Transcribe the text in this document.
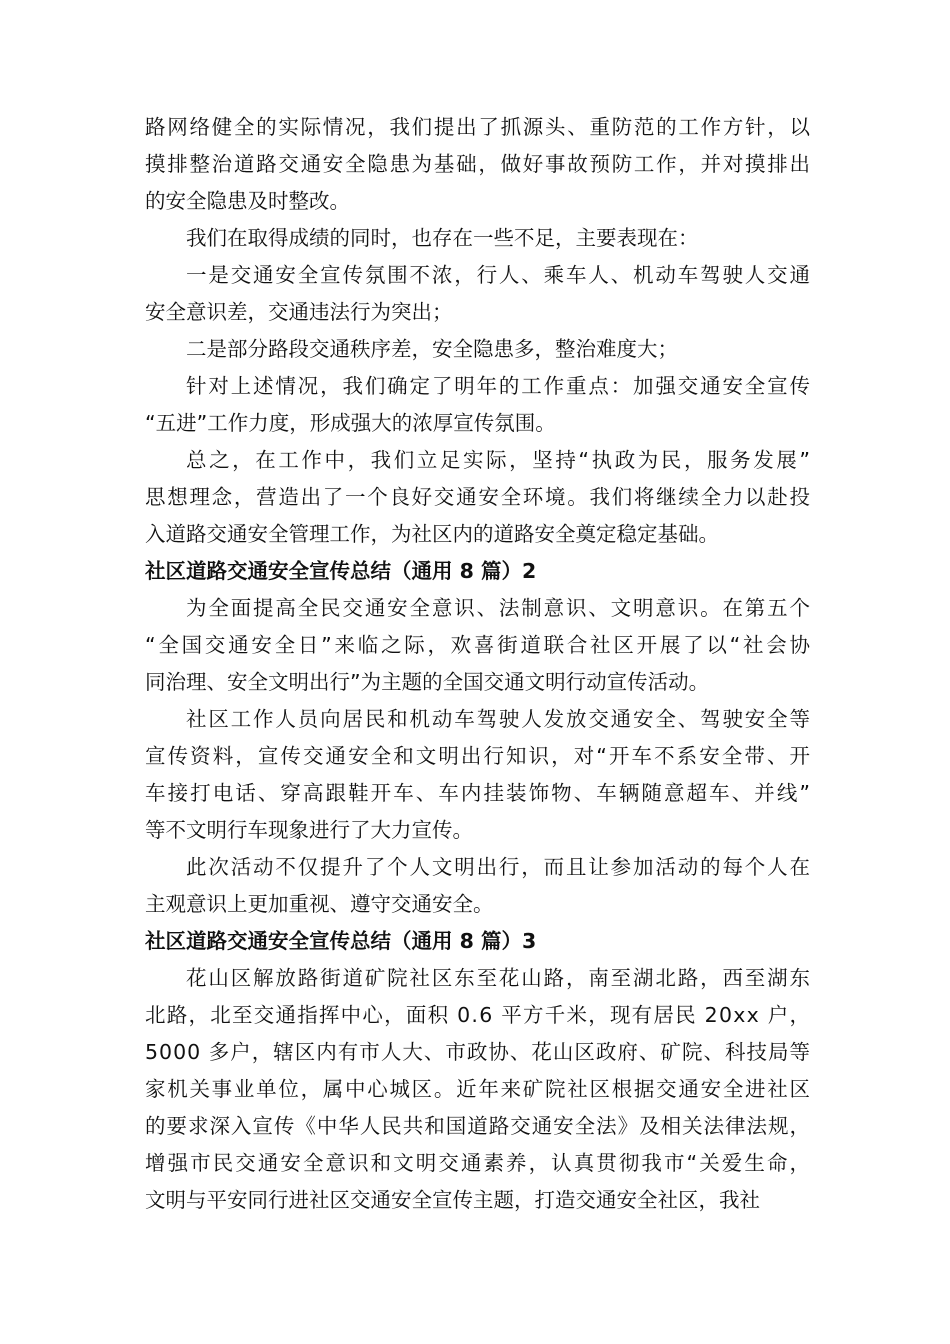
路网络健全的实际情况，我们提出了抓源头、重防范的工作方针，以
摸排整治道路交通安全隐患为基础，做好事故预防工作，并对摸排出
的安全隐患及时整改。

我们在取得成绩的同时，也存在一些不足，主要表现在：

一是交通安全宣传氛围不浓，行人、乘车人、机动车驾驶人交通
安全意识差，交通违法行为突出；

二是部分路段交通秩序差，安全隐患多，整治难度大；

针对上述情况，我们确定了明年的工作重点：加强交通安全宣传
“五进”工作力度，形成强大的浓厚宣传氛围。

总之，在工作中，我们立足实际，坚持“执政为民，服务发展”
思想理念，营造出了一个良好交通安全环境。我们将继续全力以赴投
入道路交通安全管理工作，为社区内的道路安全奠定稳定基础。

社区道路交通安全宣传总结（通用 8 篇）2

为全面提高全民交通安全意识、法制意识、文明意识。在第五个
“全国交通安全日”来临之际，欢喜街道联合社区开展了以“社会协
同治理、安全文明出行”为主题的全国交通文明行动宣传活动。

社区工作人员向居民和机动车驾驶人发放交通安全、驾驶安全等
宣传资料，宣传交通安全和文明出行知识，对“开车不系安全带、开
车接打电话、穿高跟鞋开车、车内挂装饰物、车辆随意超车、并线”
等不文明行车现象进行了大力宣传。

此次活动不仅提升了个人文明出行，而且让参加活动的每个人在
主观意识上更加重视、遵守交通安全。

社区道路交通安全宣传总结（通用 8 篇）3

花山区解放路街道矿院社区东至花山路，南至湖北路，西至湖东
北路，北至交通指挥中心，面积 0.6 平方千米，现有居民 20xx 户，
5000 多户，辖区内有市人大、市政协、花山区政府、矿院、科技局等
家机关事业单位，属中心城区。近年来矿院社区根据交通安全进社区
的要求深入宣传《中华人民共和国道路交通安全法》及相关法律法规，
增强市民交通安全意识和文明交通素养，认真贯彻我市“关爱生命，
文明与平安同行进社区交通安全宣传主题，打造交通安全社区，我社
